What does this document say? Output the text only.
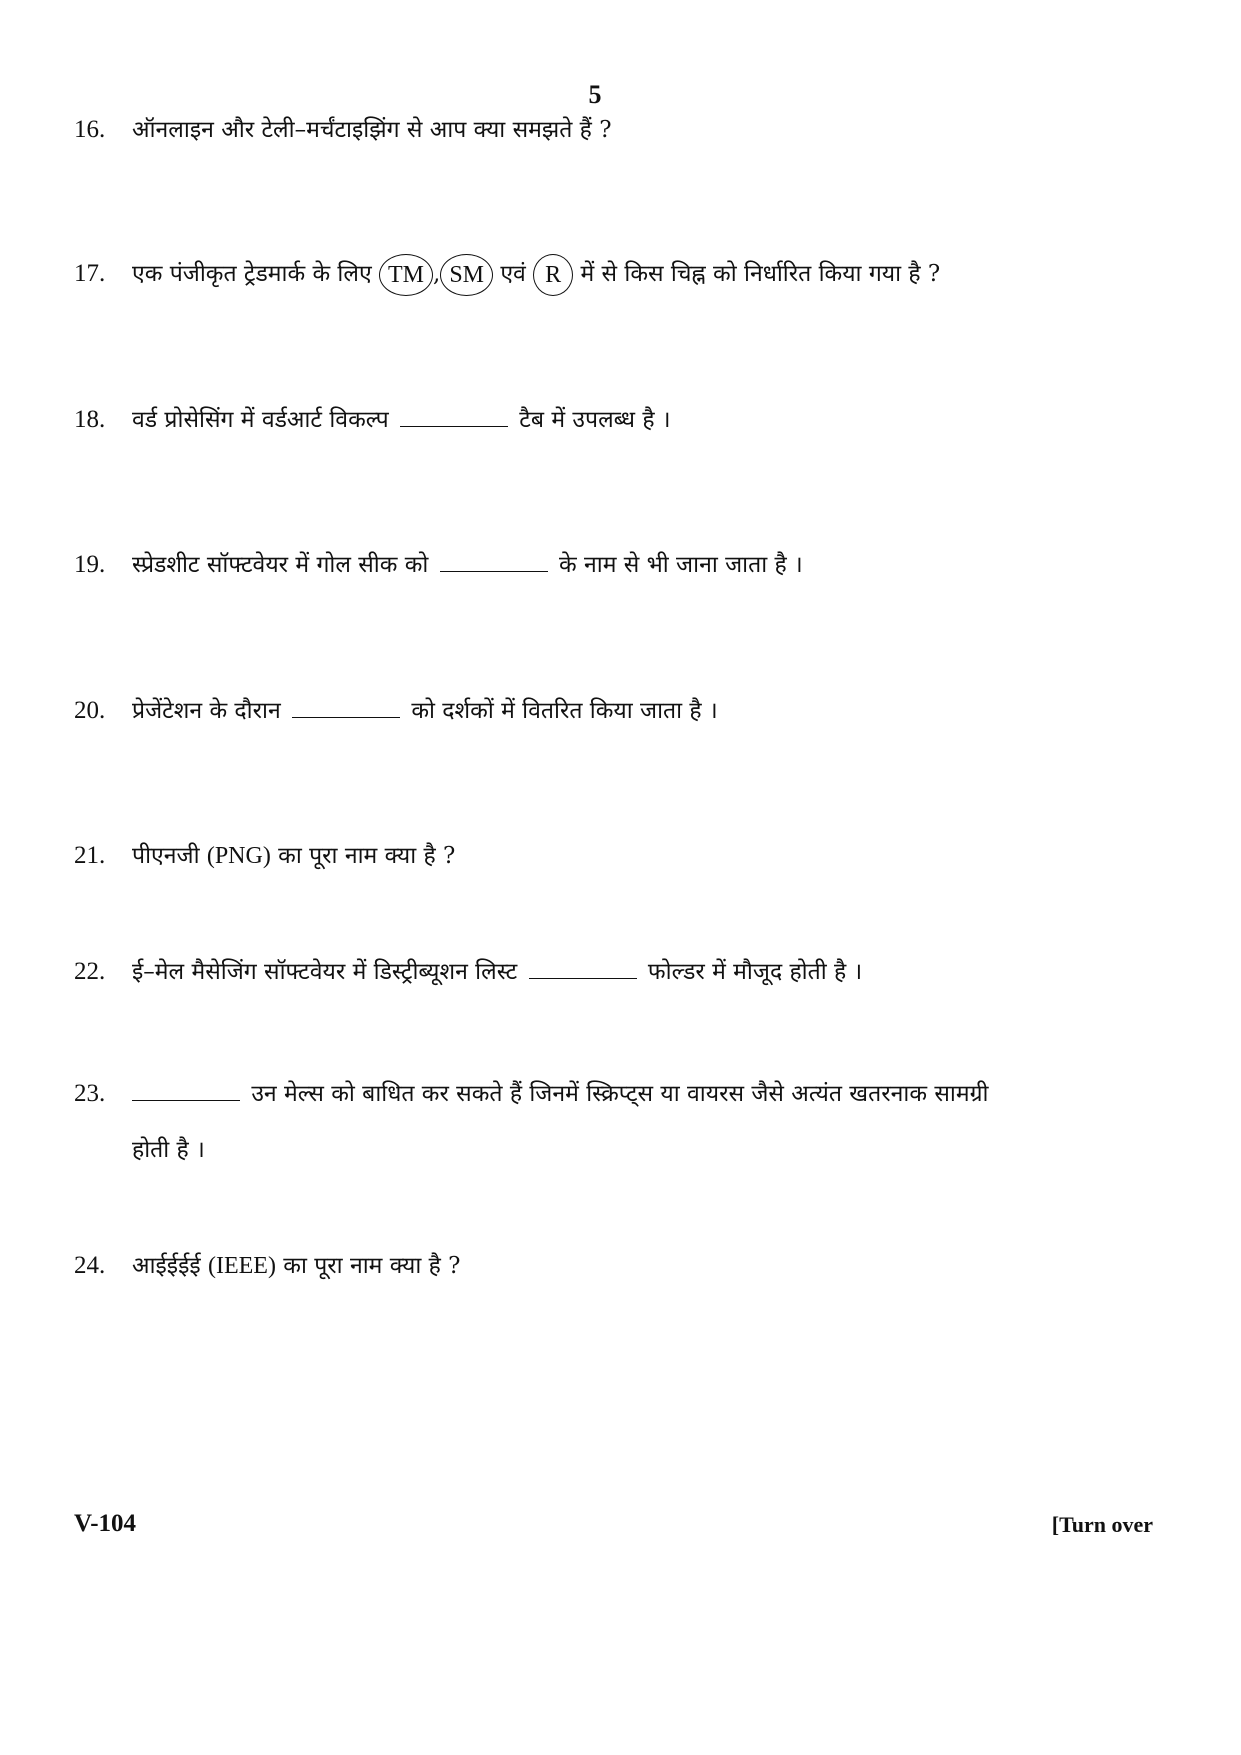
5
16.	ऑनलाइन और टेली–मर्चंटाइझिंग से आप क्या समझते हैं ?
17.	एक पंजीकृत ट्रेडमार्क के लिए TM , SM एवं R में से किस चिह्न को निर्धारित किया गया है ?
18.	वर्ड प्रोसेसिंग में वर्डआर्ट विकल्प	टैब में उपलब्ध है ।
19.	स्प्रेडशीट सॉफ्टवेयर में गोल सीक को	के नाम से भी जाना जाता है ।
20.	प्रेजेंटेशन के दौरान	को दर्शकों में वितरित किया जाता है ।
21.	पीएनजी (PNG) का पूरा नाम क्या है ?
22.	ई–मेल मैसेजिंग सॉफ्टवेयर में डिस्ट्रीब्यूशन लिस्ट	फोल्डर में मौजूद होती है ।
23.	उन मेल्स को बाधित कर सकते हैं जिनमें स्क्रिप्ट्स या वायरस जैसे अत्यंत खतरनाक सामग्री
होती है ।
24.	आईईईई (IEEE) का पूरा नाम क्या है ?
V-104	[Turn over
